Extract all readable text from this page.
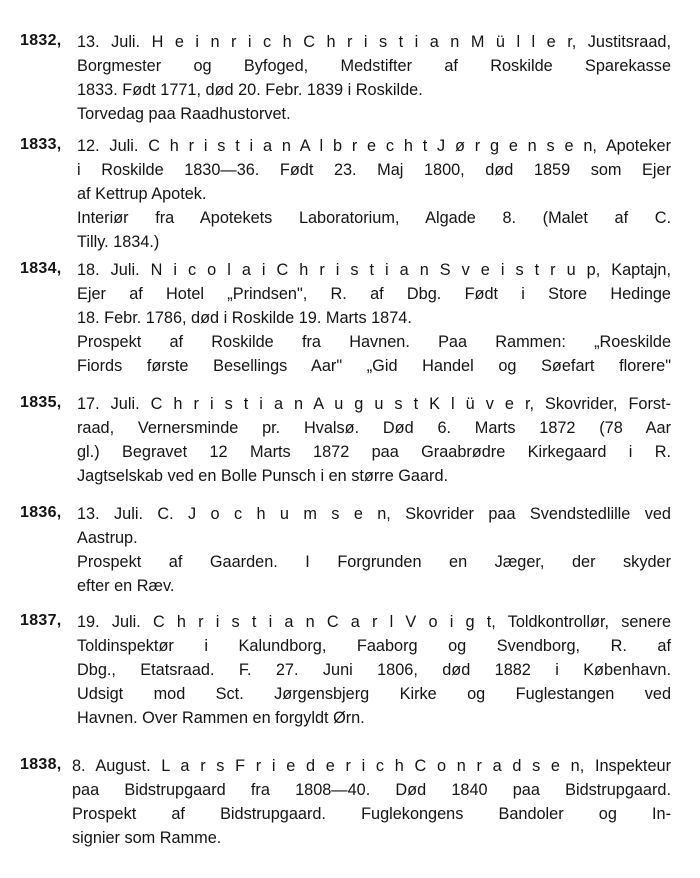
1832, 13. Juli. H e i n r i c h C h r i s t i a n M ü l l e r, Justitsraad,
Borgmester og Byfoged, Medstifter af Roskilde Sparekasse
1833. Født 1771, død 20. Febr. 1839 i Roskilde.
Torvedag paa Raadhustorvet.
1833, 12. Juli. C h r i s t i a n A l b r e c h t J ø r g e n s e n, Apoteker
i Roskilde 1830—36. Født 23. Maj 1800, død 1859 som Ejer
af Kettrup Apotek.
Interiør fra Apotekets Laboratorium, Algade 8. (Malet af C.
Tilly. 1834.)
1834, 18. Juli. N i c o l a i C h r i s t i a n S v e i s t r u p, Kaptajn,
Ejer af Hotel „Prindsen", R. af Dbg. Født i Store Hedinge
18. Febr. 1786, død i Roskilde 19. Marts 1874.
Prospekt af Roskilde fra Havnen. Paa Rammen: „Roeskilde
Fiords første Besellings Aar" „Gid Handel og Søefart florere"
1835, 17. Juli. C h r i s t i a n A u g u s t K l ü v e r, Skovrider, Forst-
raad, Vernersminde pr. Hvalsø. Død 6. Marts 1872 (78 Aar
gl.) Begravet 12 Marts 1872 paa Graabrødre Kirkegaard i R.
Jagtselskab ved en Bolle Punsch i en større Gaard.
1836, 13. Juli. C. J o c h u m s e n, Skovrider paa Svendstedlille ved
Aastrup.
Prospekt af Gaarden. I Forgrunden en Jæger, der skyder
efter en Ræv.
1837, 19. Juli. C h r i s t i a n C a r l V o i g t, Toldkontrollør, senere
Toldinspektør i Kalundborg, Faaborg og Svendborg, R. af
Dbg., Etatsraad. F. 27. Juni 1806, død 1882 i København.
Udsigt mod Sct. Jørgensbjerg Kirke og Fuglestangen ved
Havnen. Over Rammen en forgyldt Ørn.
1838, 8. August. L a r s F r i e d e r i c h C o n r a d s e n, Inspekteur
paa Bidstrupgaard fra 1808—40. Død 1840 paa Bidstrupgaard.
Prospekt af Bidstrupgaard. Fuglekongens Bandoler og In-
signier som Ramme.
